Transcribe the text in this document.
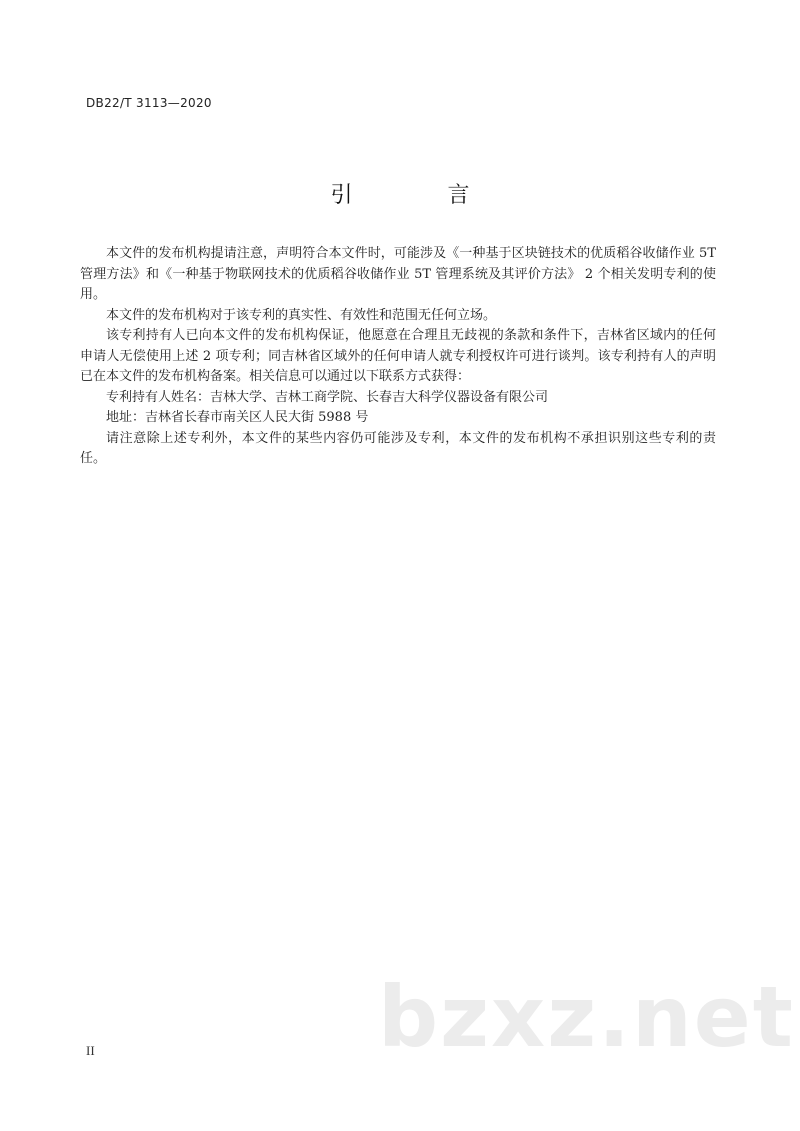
DB22/T 3113—2020
引 言

本文件的发布机构提请注意，声明符合本文件时，可能涉及《一种基于区块链技术的优质稻谷收储作业 5T 管理方法》和《一种基于物联网技术的优质稻谷收储作业 5T 管理系统及其评价方法》 2 个相关发明专利的使用。

本文件的发布机构对于该专利的真实性、有效性和范围无任何立场。

该专利持有人已向本文件的发布机构保证，他愿意在合理且无歧视的条款和条件下，吉林省区域内的任何申请人无偿使用上述 2 项专利；同吉林省区域外的任何申请人就专利授权许可进行谈判。该专利持有人的声明已在本文件的发布机构备案。相关信息可以通过以下联系方式获得：

专利持有人姓名：吉林大学、吉林工商学院、长春吉大科学仪器设备有限公司

地址：吉林省长春市南关区人民大街 5988 号

请注意除上述专利外，本文件的某些内容仍可能涉及专利，本文件的发布机构不承担识别这些专利的责任。

II	bzxz.net
